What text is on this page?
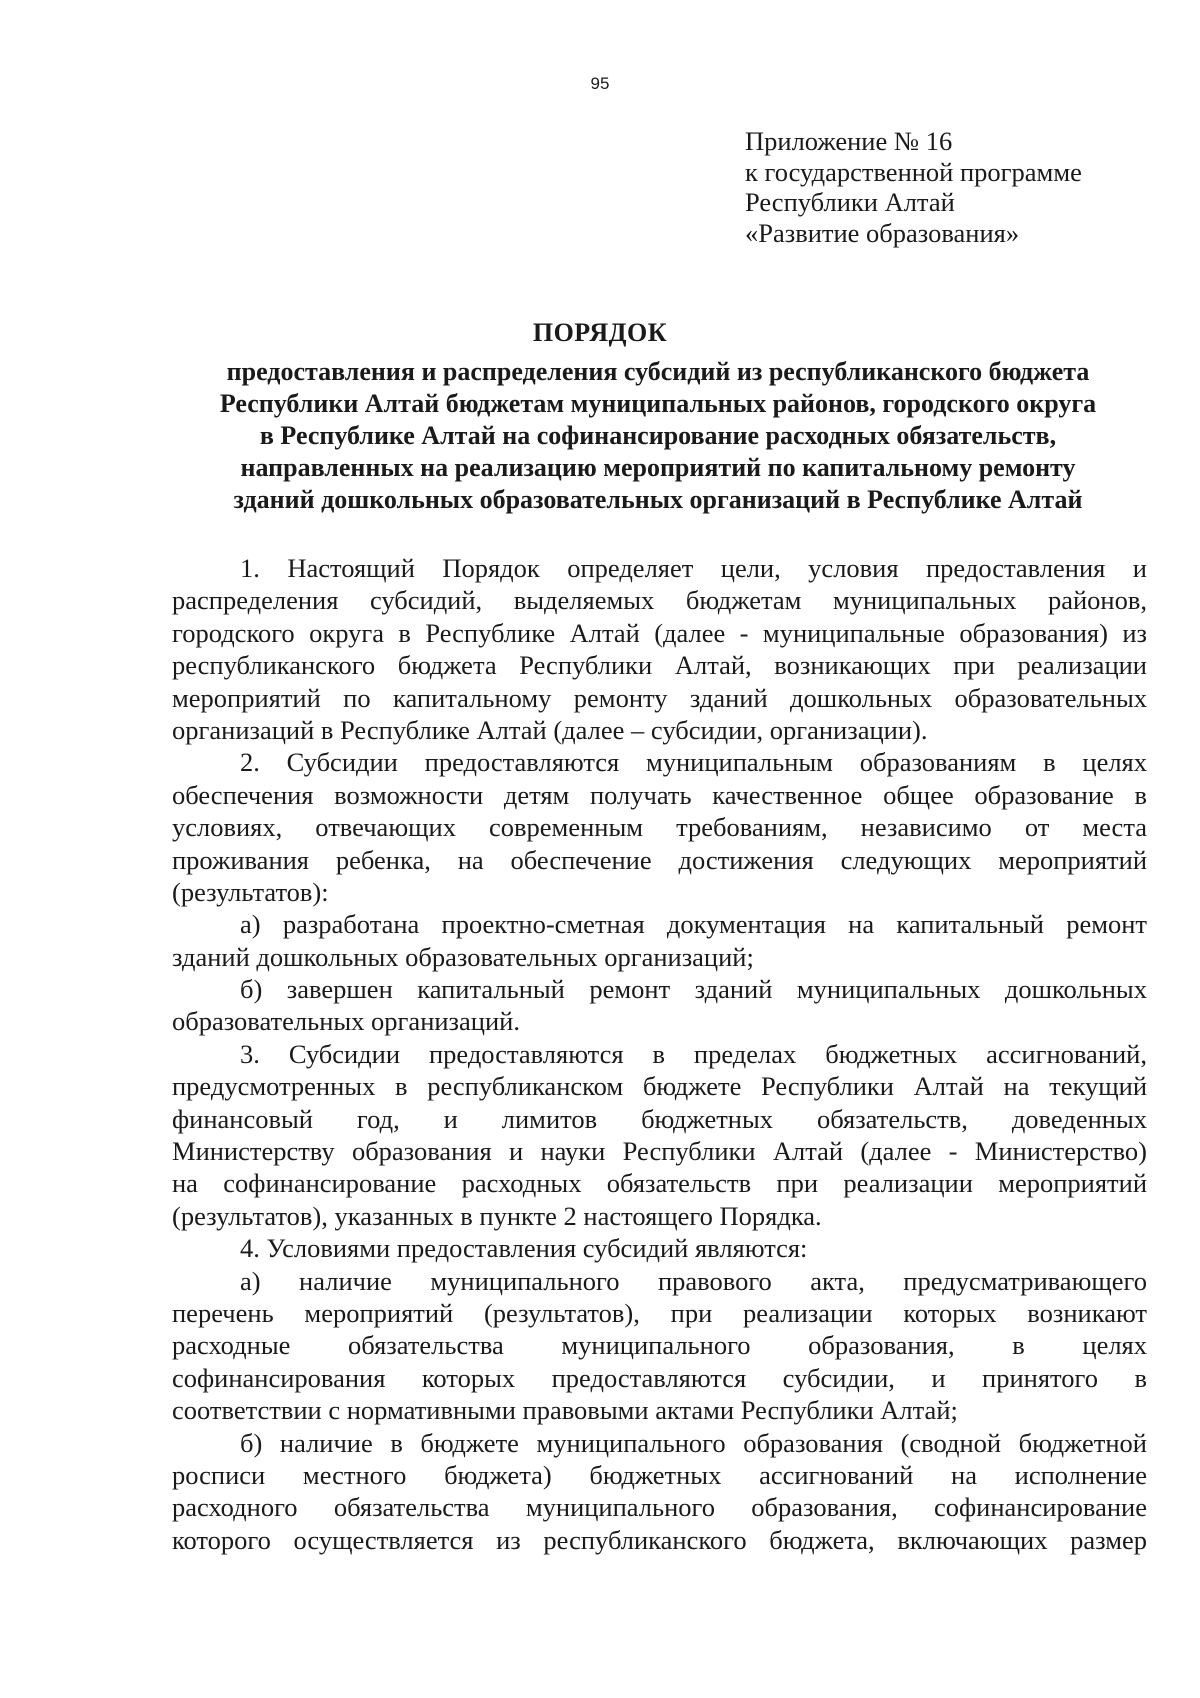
95
Приложение № 16
к государственной программе
Республики Алтай
«Развитие образования»
ПОРЯДОК
предоставления и распределения субсидий из республиканского бюджета
Республики Алтай бюджетам муниципальных районов, городского округа
в Республике Алтай на софинансирование расходных обязательств,
направленных на реализацию мероприятий по капитальному ремонту
зданий дошкольных образовательных организаций в Республике Алтай
1. Настоящий Порядок определяет цели, условия предоставления и
распределения субсидий, выделяемых бюджетам муниципальных районов,
городского округа в Республике Алтай (далее - муниципальные образования) из
республиканского бюджета Республики Алтай, возникающих при реализации
мероприятий по капитальному ремонту зданий дошкольных образовательных
организаций в Республике Алтай (далее – субсидии, организации).
2. Субсидии предоставляются муниципальным образованиям в целях
обеспечения возможности детям получать качественное общее образование в
условиях, отвечающих современным требованиям, независимо от места
проживания ребенка, на обеспечение достижения следующих мероприятий
(результатов):
а) разработана проектно-сметная документация на капитальный ремонт
зданий дошкольных образовательных организаций;
б) завершен капитальный ремонт зданий муниципальных дошкольных
образовательных организаций.
3. Субсидии предоставляются в пределах бюджетных ассигнований,
предусмотренных в республиканском бюджете Республики Алтай на текущий
финансовый год, и лимитов бюджетных обязательств, доведенных
Министерству образования и науки Республики Алтай (далее - Министерство)
на софинансирование расходных обязательств при реализации мероприятий
(результатов), указанных в пункте 2 настоящего Порядка.
4. Условиями предоставления субсидий являются:
а) наличие муниципального правового акта, предусматривающего
перечень мероприятий (результатов), при реализации которых возникают
расходные обязательства муниципального образования, в целях
софинансирования которых предоставляются субсидии, и принятого в
соответствии с нормативными правовыми актами Республики Алтай;
б) наличие в бюджете муниципального образования (сводной бюджетной
росписи местного бюджета) бюджетных ассигнований на исполнение
расходного обязательства муниципального образования, софинансирование
которого осуществляется из республиканского бюджета, включающих размер
